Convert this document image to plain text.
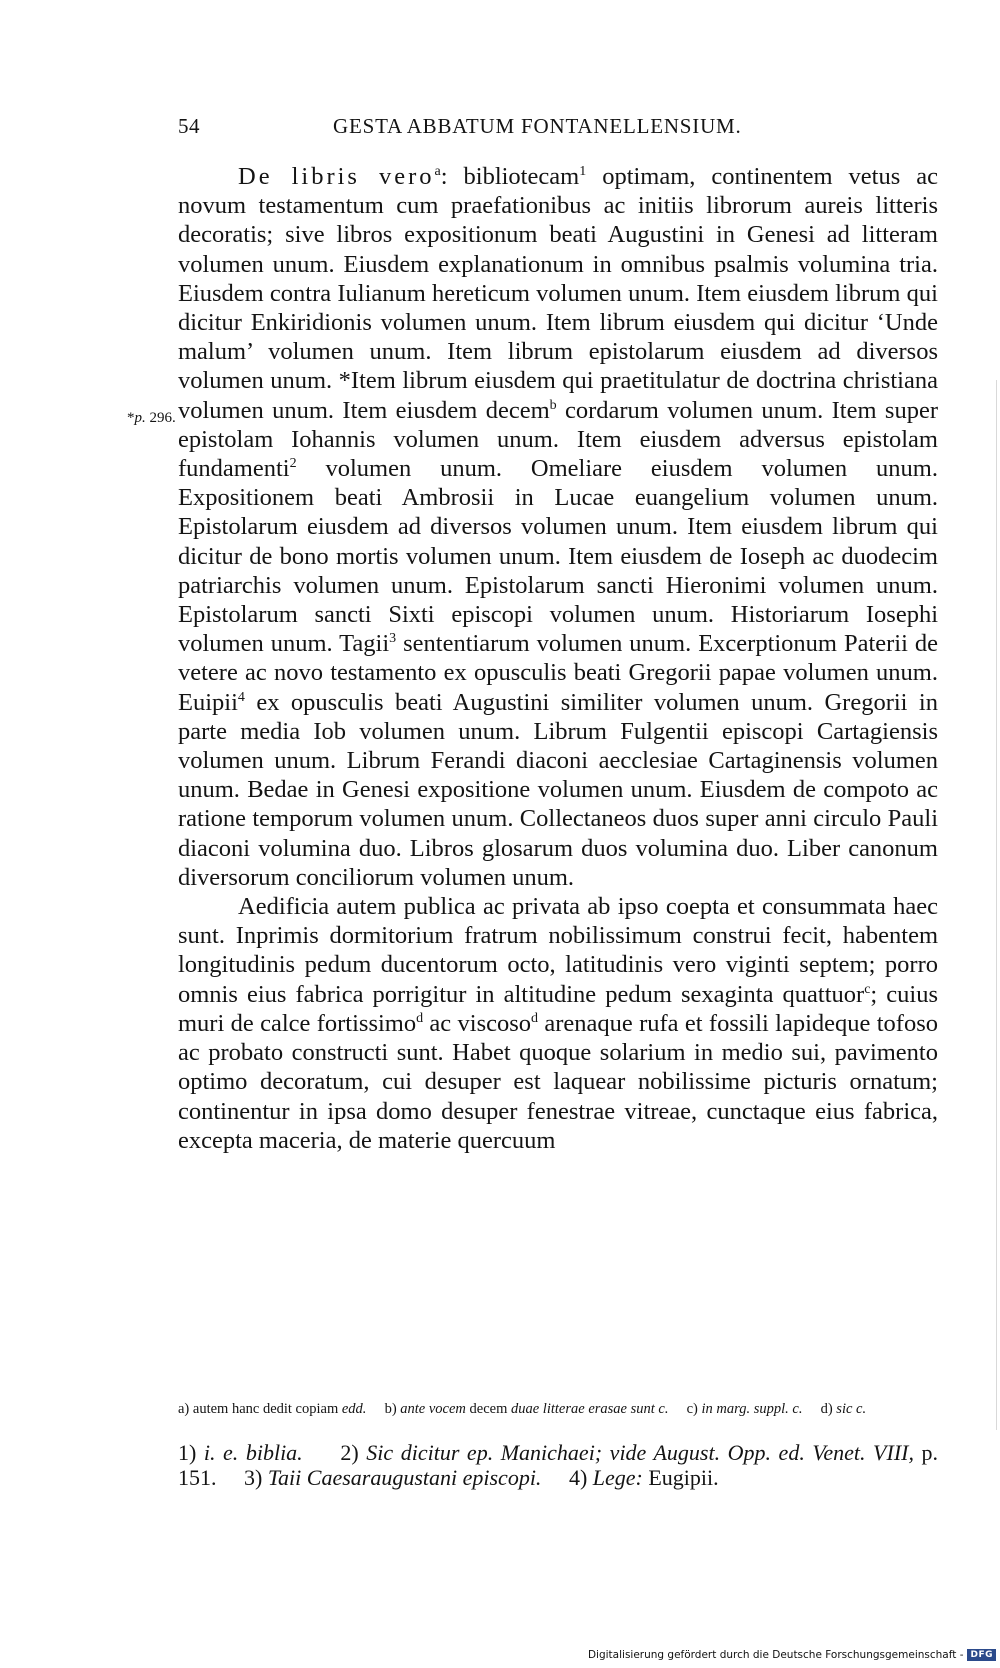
54	GESTA ABBATUM FONTANELLENSIUM.
*p. 296.

De libris vero$^a$: bibliotecam$^1$ optimam, continentem vetus ac novum testamentum cum praefationibus ac initiis librorum aureis litteris decoratis; sive libros expositionum beati Augustini in Genesi ad litteram volumen unum. Eiusdem explanationum in omnibus psalmis volumina tria. Eiusdem contra Iulianum hereticum volumen unum. Item eiusdem librum qui dicitur Enkiridionis volumen unum. Item librum eiusdem qui dicitur ‘Unde malum’ volumen unum. Item librum epistolarum eiusdem ad diversos volumen unum. *Item librum eiusdem qui praetitulatur de doctrina christiana volumen unum. Item eiusdem decem$^b$ cordarum volumen unum. Item super epistolam Iohannis volumen unum. Item eiusdem adversus epistolam fundamenti$^2$ volumen unum. Omeliare eiusdem volumen unum. Expositionem beati Ambrosii in Lucae euangelium volumen unum. Epistolarum eiusdem ad diversos volumen unum. Item eiusdem librum qui dicitur de bono mortis volumen unum. Item eiusdem de Ioseph ac duodecim patriarchis volumen unum. Epistolarum sancti Hieronimi volumen unum. Epistolarum sancti Sixti episcopi volumen unum. Historiarum Iosephi volumen unum. Tagii$^3$ sententiarum volumen unum. Excerptionum Paterii de vetere ac novo testamento ex opusculis beati Gregorii papae volumen unum. Euipii$^4$ ex opusculis beati Augustini similiter volumen unum. Gregorii in parte media Iob volumen unum. Librum Fulgentii episcopi Cartagiensis volumen unum. Librum Ferandi diaconi aecclesiae Cartaginensis volumen unum. Bedae in Genesi expositione volumen unum. Eiusdem de compoto ac ratione temporum volumen unum. Collectaneos duos super anni circulo Pauli diaconi volumina duo. Libros glosarum duos volumina duo. Liber canonum diversorum conciliorum volumen unum.

Aedificia autem publica ac privata ab ipso coepta et consummata haec sunt. Inprimis dormitorium fratrum nobilissimum construi fecit, habentem longitudinis pedum ducentorum octo, latitudinis vero viginti septem; porro omnis eius fabrica porrigitur in altitudine pedum sexaginta quattuor$^c$; cuius muri de calce fortissimo$^d$ ac viscoso$^d$ arenaque rufa et fossili lapideque tofoso ac probato constructi sunt. Habet quoque solarium in medio sui, pavimento optimo decoratum, cui desuper est laquear nobilissime picturis ornatum; continentur in ipsa domo desuper fenestrae vitreae, cunctaque eius fabrica, excepta maceria, de materie quercuum

a) autem hanc dedit copiam edd. b) ante vocem decem duae litterae erasae sunt c. c) in marg. suppl. c. d) sic c.

1) i. e. biblia. 2) Sic dicitur ep. Manichaei; vide August. Opp. ed. Venet. VIII, p. 151. 3) Taii Caesaraugustani episcopi. 4) Lege: Eugipii.

Digitalisierung gefördert durch die Deutsche Forschungsgemeinschaft - DFG
